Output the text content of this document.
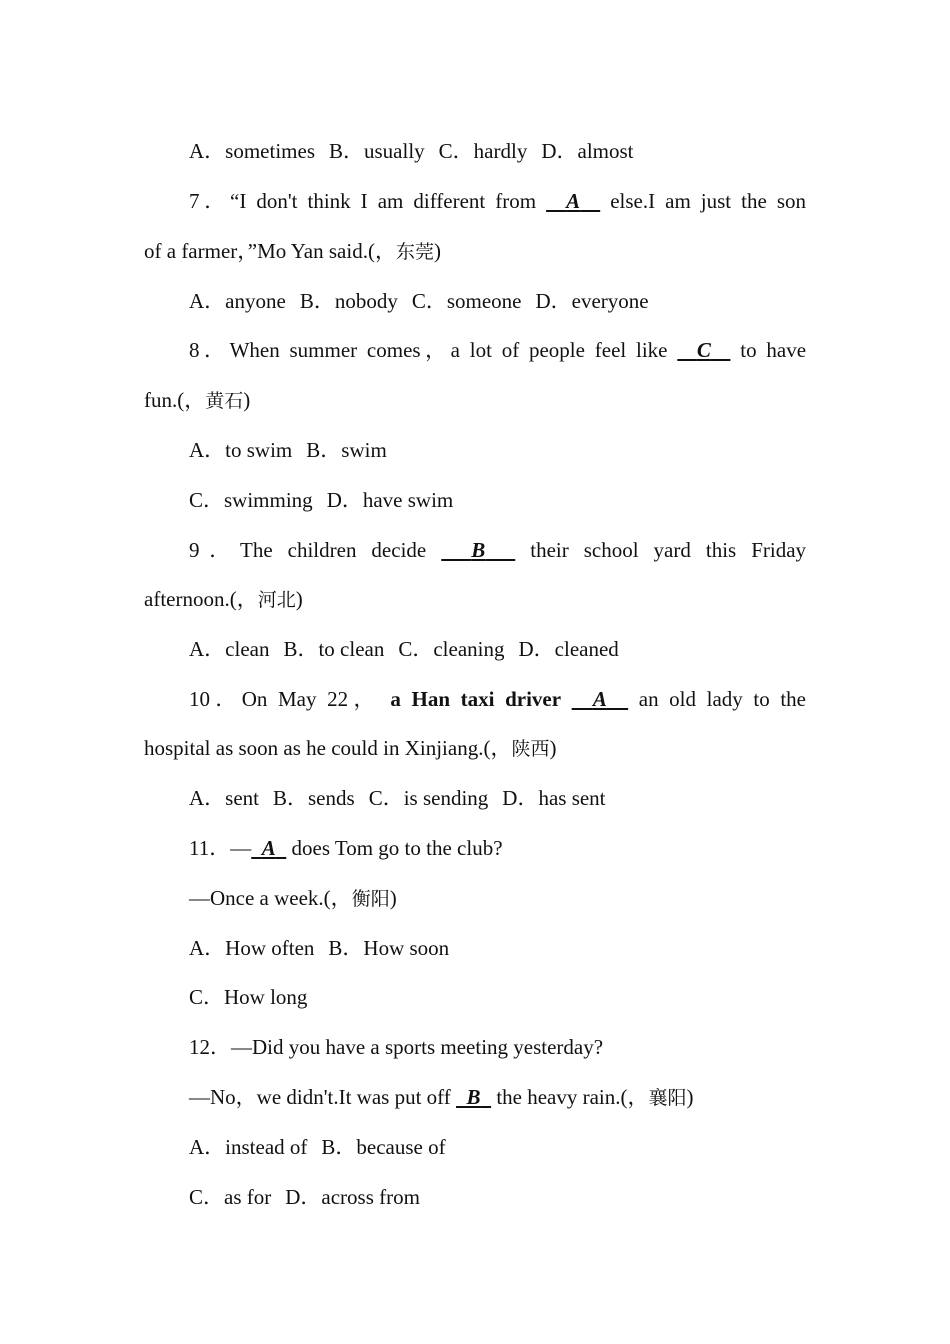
A．sometimes B．usually C．hardly D．almost
7．“I don't think I am different from A else.I am just the son
of a farmer，”Mo Yan said.(，东莞)
A．anyone B．nobody C．someone D．everyone
8．When summer comes，a lot of people feel like C to have
fun.(，黄石)
A．to swim B．swim
C．swimming D．have swim
9．The children decide B their school yard this Friday
afternoon.(，河北)
A．clean B．to clean C．cleaning D．cleaned
10．On May 22， a Han taxi driver A an old lady to the
hospital as soon as he could in Xinjiang.(，陕西)
A．sent B．sends C．is sending D．has sent
11．— A does Tom go to the club?
—Once a week.(，衡阳)
A．How often B．How soon
C．How long
12．—Did you have a sports meeting yesterday?
—No，we didn't.It was put off B the heavy rain.(，襄阳)
A．instead of B．because of
C．as for D．across from
